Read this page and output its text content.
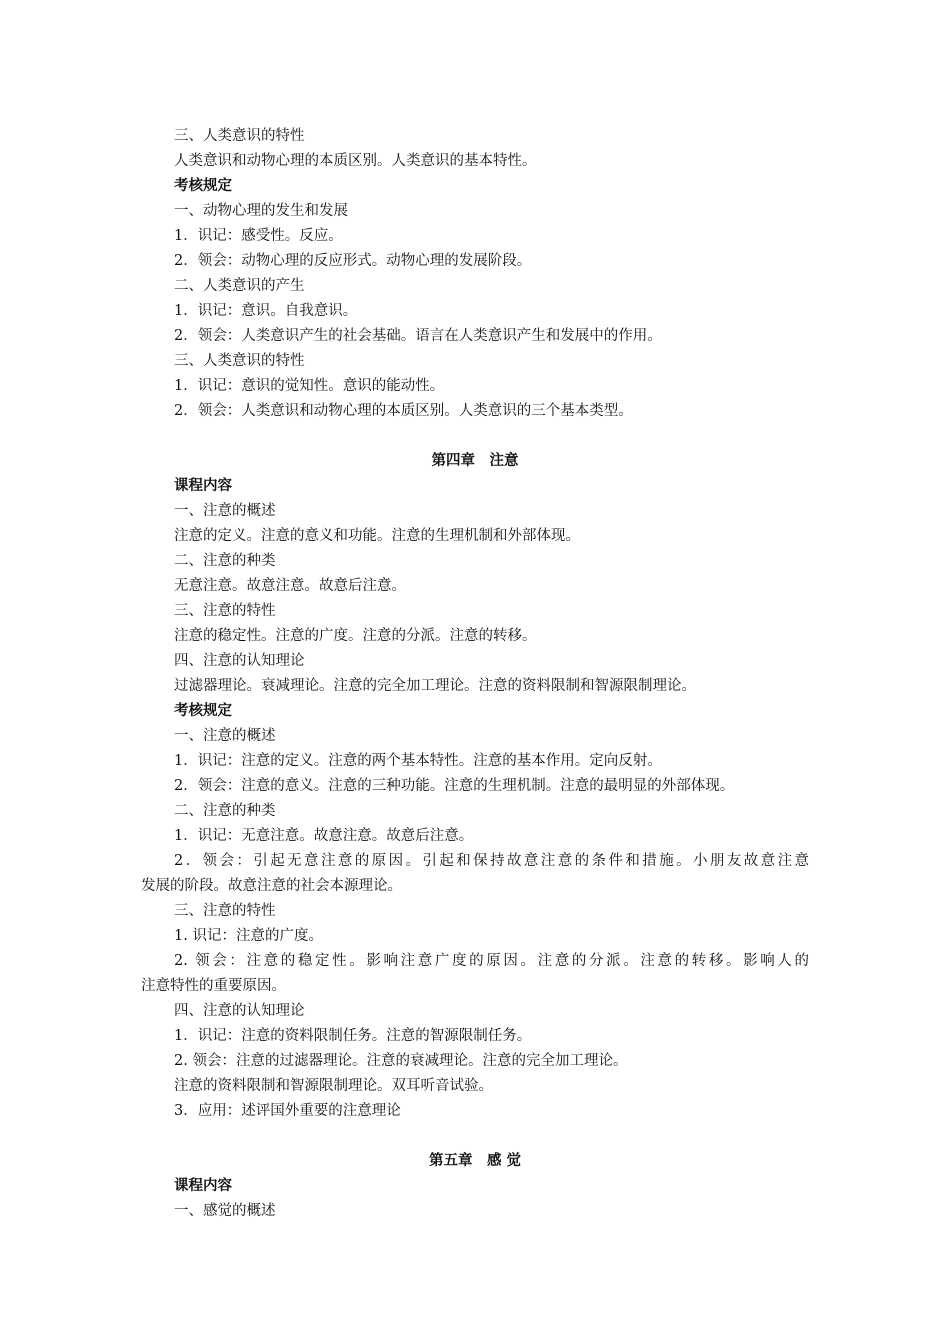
三、人类意识的特性
人类意识和动物心理的本质区别。人类意识的基本特性。
考核规定
一、动物心理的发生和发展
1．识记：感受性。反应。
2．领会：动物心理的反应形式。动物心理的发展阶段。
二、人类意识的产生
1．识记：意识。自我意识。
2．领会：人类意识产生的社会基础。语言在人类意识产生和发展中的作用。
三、人类意识的特性
1．识记：意识的觉知性。意识的能动性。
2．领会：人类意识和动物心理的本质区别。人类意识的三个基本类型。
第四章　注意
课程内容
一、注意的概述
注意的定义。注意的意义和功能。注意的生理机制和外部体现。
二、注意的种类
无意注意。故意注意。故意后注意。
三、注意的特性
注意的稳定性。注意的广度。注意的分派。注意的转移。
四、注意的认知理论
过滤器理论。衰减理论。注意的完全加工理论。注意的资料限制和智源限制理论。
考核规定
一、注意的概述
1．识记：注意的定义。注意的两个基本特性。注意的基本作用。定向反射。
2．领会：注意的意义。注意的三种功能。注意的生理机制。注意的最明显的外部体现。
二、注意的种类
1．识记：无意注意。故意注意。故意后注意。
2．领会：引起无意注意的原因。引起和保持故意注意的条件和措施。小朋友故意注意
发展的阶段。故意注意的社会本源理论。
三、注意的特性
1. 识记：注意的广度。
2. 领会：注意的稳定性。影响注意广度的原因。注意的分派。注意的转移。影响人的
注意特性的重要原因。
四、注意的认知理论
1．识记：注意的资料限制任务。注意的智源限制任务。
2. 领会：注意的过滤器理论。注意的衰减理论。注意的完全加工理论。
注意的资料限制和智源限制理论。双耳听音试验。
3．应用：述评国外重要的注意理论
第五章　感 觉
课程内容
一、感觉的概述
